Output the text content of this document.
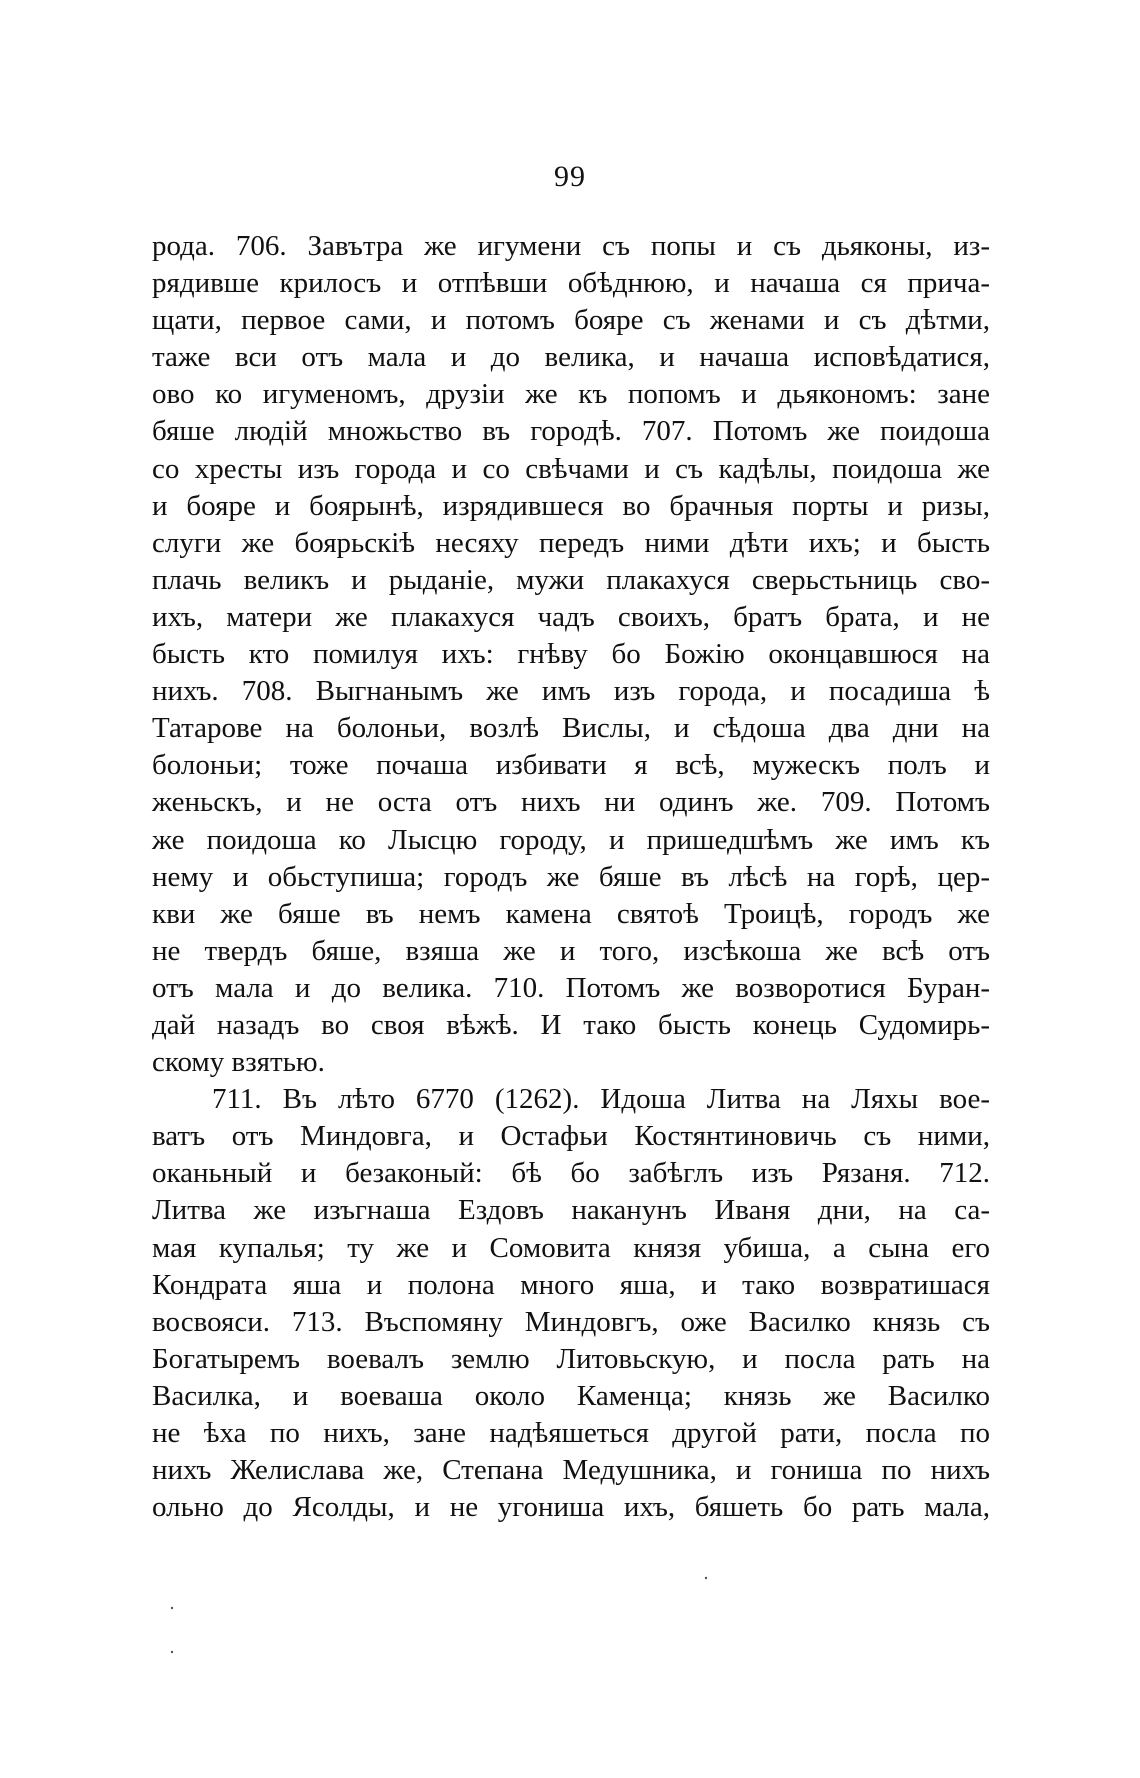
99
рода. 706. Завътра же игумени съ попы и съ дьяконы, из-
рядивше крилосъ и отпѣвши обѣднюю, и начаша ся прича-
щати, первое сами, и потомъ бояре съ женами и съ дѣтми,
таже вси отъ мала и до велика, и начаша исповѣдатися,
ово ко игуменомъ, друзіи же къ попомъ и дьякономъ: зане
бяше людій множьство въ городѣ. 707. Потомъ же поидоша
со хресты изъ города и со свѣчами и съ кадѣлы, поидоша же
и бояре и боярынѣ, изрядившеся во брачныя порты и ризы,
слуги же боярьскіѣ несяху передъ ними дѣти ихъ; и бысть
плачь великъ и рыданіе, мужи плакахуся сверьстьниць сво-
ихъ, матери же плакахуся чадъ своихъ, братъ брата, и не
бысть кто помилуя ихъ: гнѣву бо Божію оконцавшюся на
нихъ. 708. Выгнанымъ же имъ изъ города, и посадиша ѣ
Татарове на болоньи, возлѣ Вислы, и сѣдоша два дни на
болоньи; тоже почаша избивати я всѣ, мужескъ полъ и
женьскъ, и не оста отъ нихъ ни одинъ же. 709. Потомъ
же поидоша ко Лысцю городу, и пришедшѣмъ же имъ къ
нему и обьступиша; городъ же бяше въ лѣсѣ на горѣ, цер-
кви же бяше въ немъ камена святоѣ Троицѣ, городъ же
не твердъ бяше, взяша же и того, изсѣкоша же всѣ отъ
отъ мала и до велика. 710. Потомъ же возворотися Буран-
дай назадъ во своя вѣжѣ. И тако бысть конець Судомирь-
скому взятью.
711. Въ лѣто 6770 (1262). Идоша Литва на Ляхы вое-
ватъ отъ Миндовга, и Остафьи Костянтиновичь съ ними,
оканьный и безаконый: бѣ бо забѣглъ изъ Рязаня. 712.
Литва же изъгнаша Ездовъ наканунъ Иваня дни, на са-
мая купалья; ту же и Сомовита князя убиша, а сына его
Кондрата яша и полона много яша, и тако возвратишася
восвояси. 713. Въспомяну Миндовгъ, оже Василко князь съ
Богатыремъ воевалъ землю Литовьскую, и посла рать на
Василка, и воеваша около Каменца; князь же Василко
не ѣха по нихъ, зане надѣяшеться другой рати, посла по
нихъ Желислава же, Степана Медушника, и гониша по нихъ
ольно до Ясолды, и не угониша ихъ, бяшеть бо рать мала,
